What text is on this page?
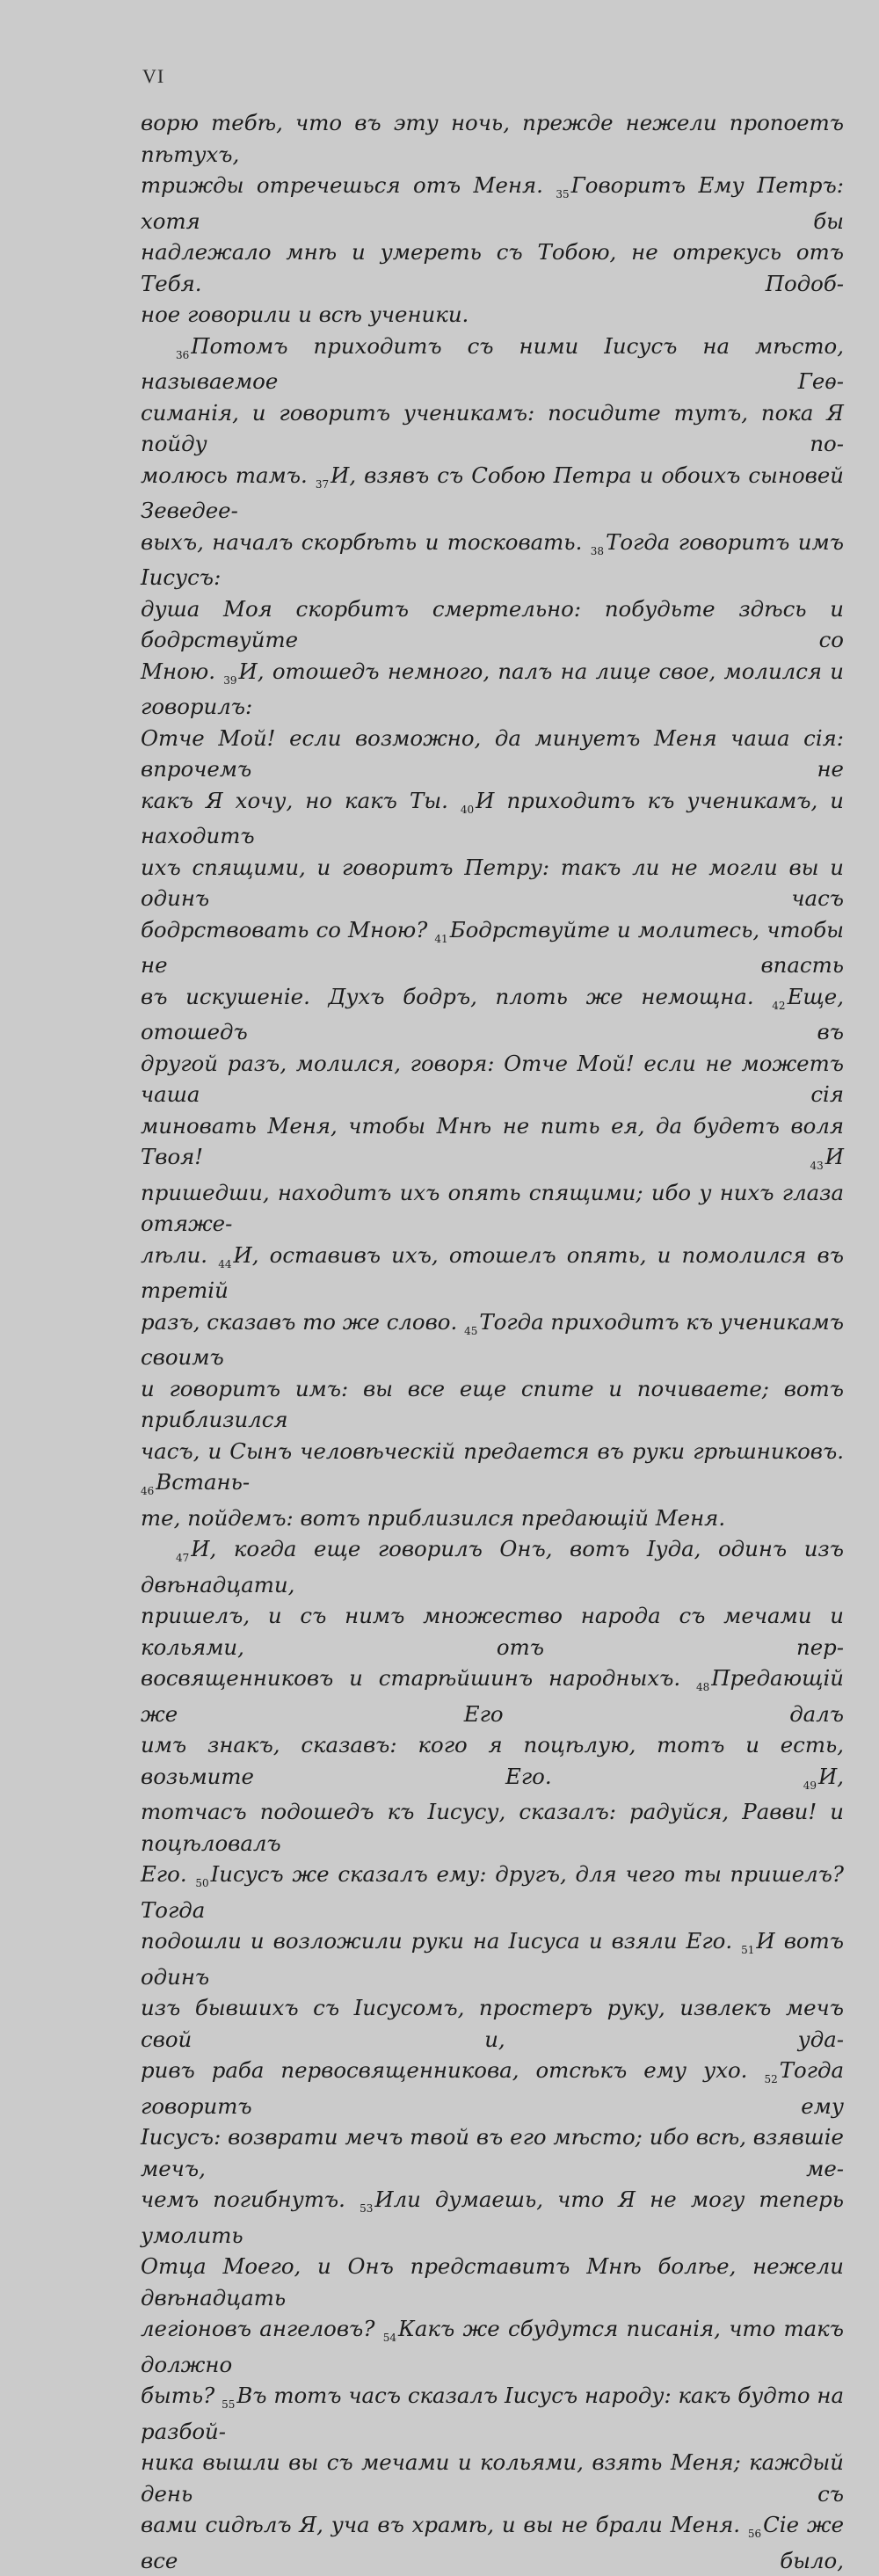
VI

ворю тебѣ, что въ эту ночь, прежде нежели пропоетъ пѣтухъ,

трижды отречешься отъ Меня. $_{35}$Говоритъ Ему Петръ: хотя бы

надлежало мнѣ и умереть съ Тобою, не отрекусь отъ Тебя. Подоб-

ное говорили и всѣ ученики.

$_{36}$Потомъ приходитъ съ ними Іисусъ на мѣсто, называемое Геѳ-

симанія, и говоритъ ученикамъ: посидите тутъ, пока Я пойду по-

молюсь тамъ. $_{37}$И, взявъ съ Собою Петра и обоихъ сыновей Зеведее-

выхъ, началъ скорбѣть и тосковать. $_{38}$Тогда говоритъ имъ Іисусъ:

душа Моя скорбитъ смертельно: побудьте здѣсь и бодрствуйте со

Мною. $_{39}$И, отошедъ немного, палъ на лице свое, молился и говорилъ:

Отче Мой! если возможно, да минуетъ Меня чаша сія: впрочемъ не

какъ Я хочу, но какъ Ты. $_{40}$И приходитъ къ ученикамъ, и находитъ

ихъ спящими, и говоритъ Петру: такъ ли не могли вы и одинъ часъ

бодрствовать со Мною? $_{41}$Бодрствуйте и молитесь, чтобы не впасть

въ искушеніе. Духъ бодръ, плоть же немощна. $_{42}$Еще, отошедъ въ

другой разъ, молился, говоря: Отче Мой! если не можетъ чаша сія

миновать Меня, чтобы Мнѣ не пить ея, да будетъ воля Твоя! $_{43}$И

пришедши, находитъ ихъ опять спящими; ибо у нихъ глаза отяже-

лѣли. $_{44}$И, оставивъ ихъ, отошелъ опять, и помолился въ третій

разъ, сказавъ то же слово. $_{45}$Тогда приходитъ къ ученикамъ своимъ

и говоритъ имъ: вы все еще спите и почиваете; вотъ приблизился

часъ, и Сынъ человѣческій предается въ руки грѣшниковъ. $_{46}$Встань-

те, пойдемъ: вотъ приблизился предающій Меня.

$_{47}$И, когда еще говорилъ Онъ, вотъ Іуда, одинъ изъ двѣнадцати,

пришелъ, и съ нимъ множество народа съ мечами и кольями, отъ пер-

восвященниковъ и старѣйшинъ народныхъ. $_{48}$Предающій же Его далъ

имъ знакъ, сказавъ: кого я поцѣлую, тотъ и есть, возьмите Его. $_{49}$И,

тотчасъ подошедъ къ Іисусу, сказалъ: радуйся, Равви! и поцѣловалъ

Его. $_{50}$Іисусъ же сказалъ ему: другъ, для чего ты пришелъ? Тогда

подошли и возложили руки на Іисуса и взяли Его. $_{51}$И вотъ одинъ

изъ бывшихъ съ Іисусомъ, простеръ руку, извлекъ мечъ свой и, уда-

ривъ раба первосвященникова, отсѣкъ ему ухо. $_{52}$Тогда говоритъ ему

Іисусъ: возврати мечъ твой въ его мѣсто; ибо всѣ, взявшіе мечъ, ме-

чемъ погибнутъ. $_{53}$Или думаешь, что Я не могу теперь умолить

Отца Моего, и Онъ представитъ Мнѣ болѣе, нежели двѣнадцать

легіоновъ ангеловъ? $_{54}$Какъ же сбудутся писанія, что такъ должно

быть? $_{55}$Въ тотъ часъ сказалъ Іисусъ народу: какъ будто на разбой-

ника вышли вы съ мечами и кольями, взять Меня; каждый день съ

вами сидѣлъ Я, уча въ храмѣ, и вы не брали Меня. $_{56}$Сіе же все было,
